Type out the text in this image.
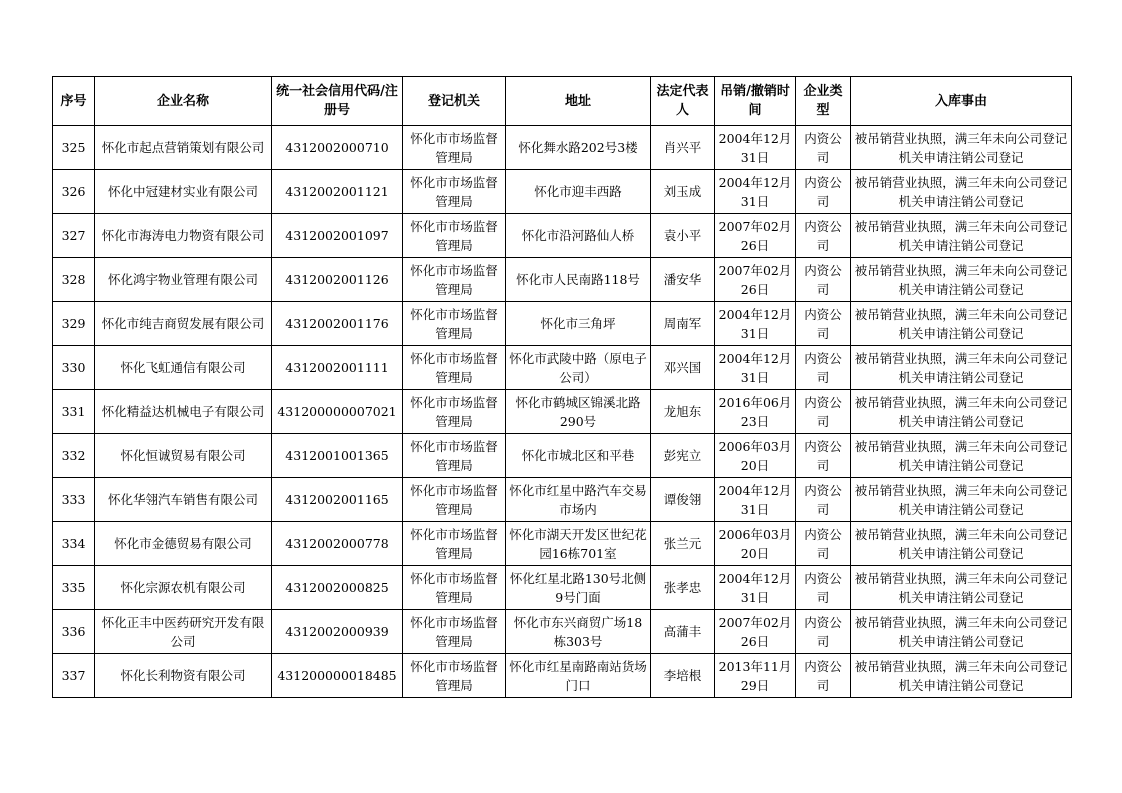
序号	企业名称	统一社会信用代码/注册号	登记机关	地址	法定代表人	吊销/撤销时间	企业类型	入库事由
325	怀化市起点营销策划有限公司	4312002000710	怀化市市场监督管理局	怀化舞水路202号3楼	肖兴平	2004年12月31日	内资公司	被吊销营业执照，满三年未向公司登记机关申请注销公司登记
326	怀化中冠建材实业有限公司	4312002001121	怀化市市场监督管理局	怀化市迎丰西路	刘玉成	2004年12月31日	内资公司	被吊销营业执照，满三年未向公司登记机关申请注销公司登记
327	怀化市海涛电力物资有限公司	4312002001097	怀化市市场监督管理局	怀化市沿河路仙人桥	袁小平	2007年02月26日	内资公司	被吊销营业执照，满三年未向公司登记机关申请注销公司登记
328	怀化鸿宇物业管理有限公司	4312002001126	怀化市市场监督管理局	怀化市人民南路118号	潘安华	2007年02月26日	内资公司	被吊销营业执照，满三年未向公司登记机关申请注销公司登记
329	怀化市纯吉商贸发展有限公司	4312002001176	怀化市市场监督管理局	怀化市三角坪	周南军	2004年12月31日	内资公司	被吊销营业执照，满三年未向公司登记机关申请注销公司登记
330	怀化飞虹通信有限公司	4312002001111	怀化市市场监督管理局	怀化市武陵中路（原电子公司）	邓兴国	2004年12月31日	内资公司	被吊销营业执照，满三年未向公司登记机关申请注销公司登记
331	怀化精益达机械电子有限公司	431200000007021	怀化市市场监督管理局	怀化市鹤城区锦溪北路290号	龙旭东	2016年06月23日	内资公司	被吊销营业执照，满三年未向公司登记机关申请注销公司登记
332	怀化恒诚贸易有限公司	4312001001365	怀化市市场监督管理局	怀化市城北区和平巷	彭宪立	2006年03月20日	内资公司	被吊销营业执照，满三年未向公司登记机关申请注销公司登记
333	怀化华翎汽车销售有限公司	4312002001165	怀化市市场监督管理局	怀化市红星中路汽车交易市场内	谭俊翎	2004年12月31日	内资公司	被吊销营业执照，满三年未向公司登记机关申请注销公司登记
334	怀化市金德贸易有限公司	4312002000778	怀化市市场监督管理局	怀化市湖天开发区世纪花园16栋701室	张兰元	2006年03月20日	内资公司	被吊销营业执照，满三年未向公司登记机关申请注销公司登记
335	怀化宗源农机有限公司	4312002000825	怀化市市场监督管理局	怀化红星北路130号北侧9号门面	张孝忠	2004年12月31日	内资公司	被吊销营业执照，满三年未向公司登记机关申请注销公司登记
336	怀化正丰中医药研究开发有限公司	4312002000939	怀化市市场监督管理局	怀化市东兴商贸广场18栋303号	高蒲丰	2007年02月26日	内资公司	被吊销营业执照，满三年未向公司登记机关申请注销公司登记
337	怀化长利物资有限公司	431200000018485	怀化市市场监督管理局	怀化市红星南路南站货场门口	李培根	2013年11月29日	内资公司	被吊销营业执照，满三年未向公司登记机关申请注销公司登记
